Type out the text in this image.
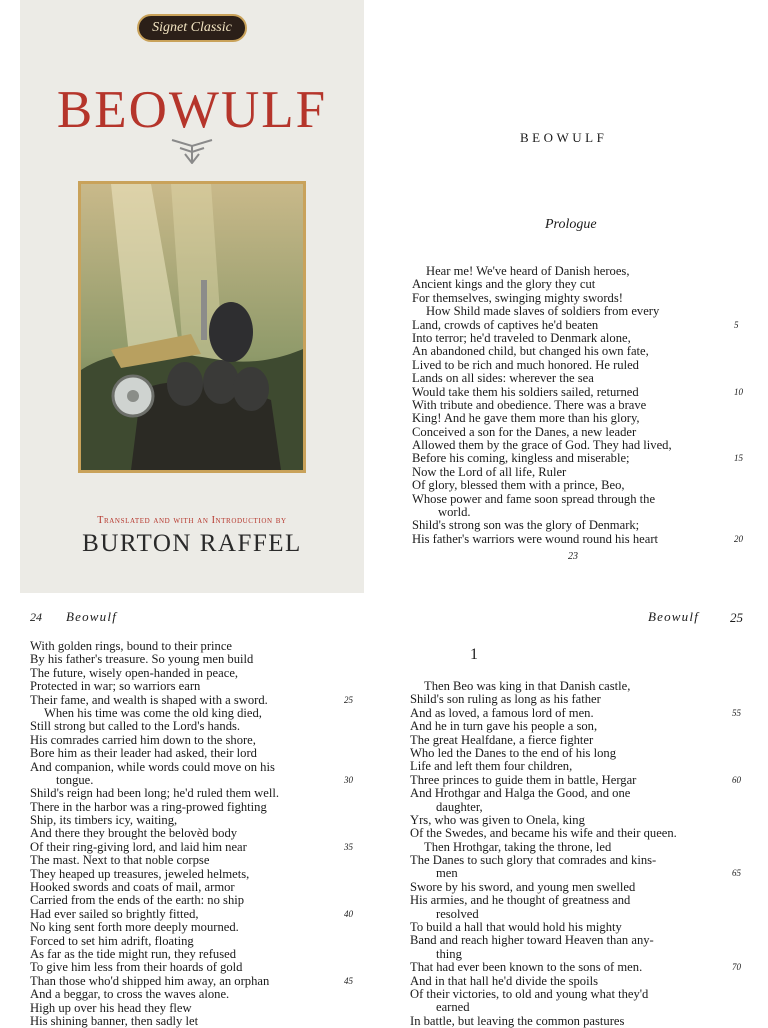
Signet Classic
BEOWULF
Translated and with an Introduction by
BURTON RAFFEL
BEOWULF
Prologue
Hear me! We've heard of Danish heroes,
Ancient kings and the glory they cut
For themselves, swinging mighty swords!
How Shild made slaves of soldiers from every
Land, crowds of captives he'd beaten	5
Into terror; he'd traveled to Denmark alone,
An abandoned child, but changed his own fate,
Lived to be rich and much honored. He ruled
Lands on all sides: wherever the sea
Would take them his soldiers sailed, returned	10
With tribute and obedience. There was a brave
King! And he gave them more than his glory,
Conceived a son for the Danes, a new leader
Allowed them by the grace of God. They had lived,
Before his coming, kingless and miserable;	15
Now the Lord of all life, Ruler
Of glory, blessed them with a prince, Beo,
Whose power and fame soon spread through the
world.
Shild's strong son was the glory of Denmark;
His father's warriors were wound round his heart	20
23
24 Beowulf
With golden rings, bound to their prince
By his father's treasure. So young men build
The future, wisely open-handed in peace,
Protected in war; so warriors earn
Their fame, and wealth is shaped with a sword.	25
When his time was come the old king died,
Still strong but called to the Lord's hands.
His comrades carried him down to the shore,
Bore him as their leader had asked, their lord
And companion, while words could move on his
tongue.	30
Shild's reign had been long; he'd ruled them well.
There in the harbor was a ring-prowed fighting
Ship, its timbers icy, waiting,
And there they brought the belovèd body
Of their ring-giving lord, and laid him near	35
The mast. Next to that noble corpse
They heaped up treasures, jeweled helmets,
Hooked swords and coats of mail, armor
Carried from the ends of the earth: no ship
Had ever sailed so brightly fitted,	40
No king sent forth more deeply mourned.
Forced to set him adrift, floating
As far as the tide might run, they refused
To give him less from their hoards of gold
Than those who'd shipped him away, an orphan	45
And a beggar, to cross the waves alone.
High up over his head they flew
His shining banner, then sadly let
Beowulf 25
1
Then Beo was king in that Danish castle,
Shild's son ruling as long as his father
And as loved, a famous lord of men.	55
And he in turn gave his people a son,
The great Healfdane, a fierce fighter
Who led the Danes to the end of his long
Life and left them four children,
Three princes to guide them in battle, Hergar	60
And Hrothgar and Halga the Good, and one
daughter,
Yrs, who was given to Onela, king
Of the Swedes, and became his wife and their queen.
Then Hrothgar, taking the throne, led
The Danes to such glory that comrades and kins-
men	65
Swore by his sword, and young men swelled
His armies, and he thought of greatness and
resolved
To build a hall that would hold his mighty
Band and reach higher toward Heaven than any-
thing
That had ever been known to the sons of men.	70
And in that hall he'd divide the spoils
Of their victories, to old and young what they'd
earned
In battle, but leaving the common pastures
